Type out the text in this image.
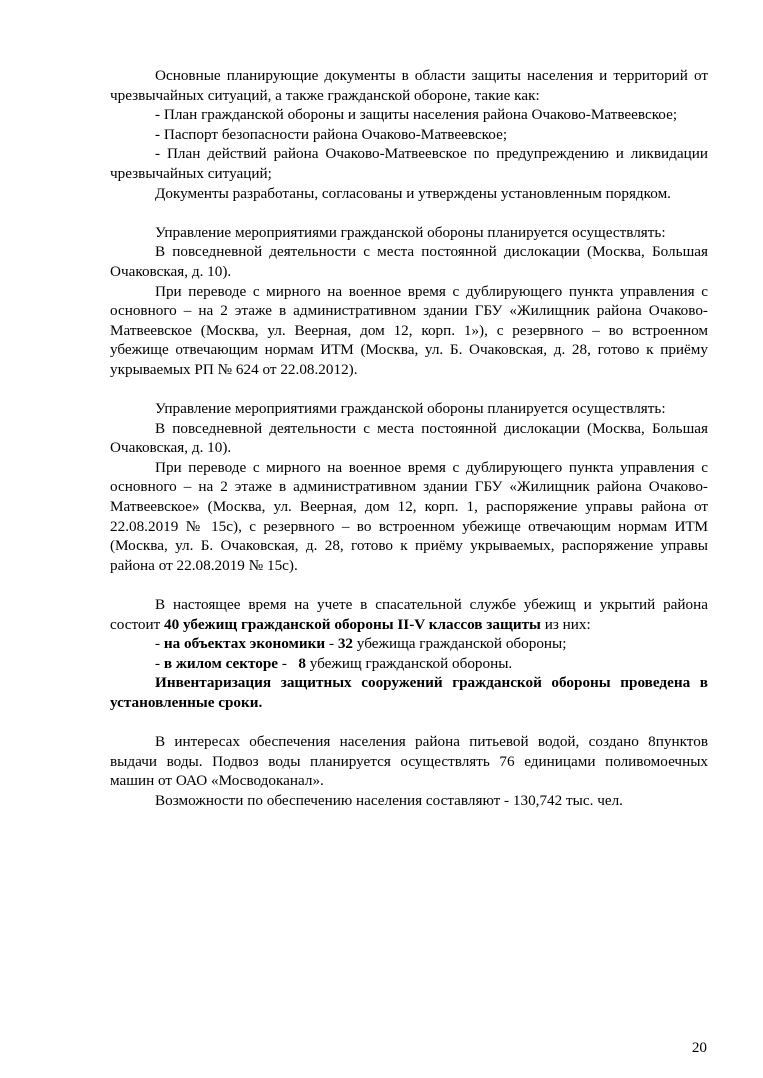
Основные планирующие документы в области защиты населения и территорий от чрезвычайных ситуаций, а также гражданской обороне, такие как:

- План гражданской обороны и защиты населения района Очаково-Матвеевское;

- Паспорт безопасности района Очаково-Матвеевское;

- План действий района Очаково-Матвеевское по предупреждению и ликвидации чрезвычайных ситуаций;

Документы разработаны, согласованы и утверждены установленным порядком.

Управление мероприятиями гражданской обороны планируется осуществлять:

В повседневной деятельности с места постоянной дислокации (Москва, Большая Очаковская, д. 10).

При переводе с мирного на военное время с дублирующего пункта управления с основного – на 2 этаже в административном здании ГБУ «Жилищник района Очаково-Матвеевское (Москва, ул. Веерная, дом 12, корп. 1»), с резервного – во встроенном убежище отвечающим нормам ИТМ (Москва, ул. Б. Очаковская, д. 28, готово к приёму укрываемых РП № 624 от 22.08.2012).

Управление мероприятиями гражданской обороны планируется осуществлять:

В повседневной деятельности с места постоянной дислокации (Москва, Большая Очаковская, д. 10).

При переводе с мирного на военное время с дублирующего пункта управления с основного – на 2 этаже в административном здании ГБУ «Жилищник района Очаково-Матвеевское» (Москва, ул. Веерная, дом 12, корп. 1, распоряжение управы района от 22.08.2019 № 15с), с резервного – во встроенном убежище отвечающим нормам ИТМ (Москва, ул. Б. Очаковская, д. 28, готово к приёму укрываемых, распоряжение управы района от 22.08.2019 № 15с).

В настоящее время на учете в спасательной службе убежищ и укрытий района состоит 40 убежищ гражданской обороны II-V классов защиты из них:

- на объектах экономики - 32 убежища гражданской обороны;

- в жилом секторе -   8 убежищ гражданской обороны.

Инвентаризация защитных сооружений гражданской обороны проведена в установленные сроки.

В интересах обеспечения населения района питьевой водой, создано 8пунктов выдачи воды. Подвоз воды планируется осуществлять 76 единицами поливомоечных машин от ОАО «Мосводоканал».

Возможности по обеспечению населения составляют - 130,742 тыс. чел.

20
